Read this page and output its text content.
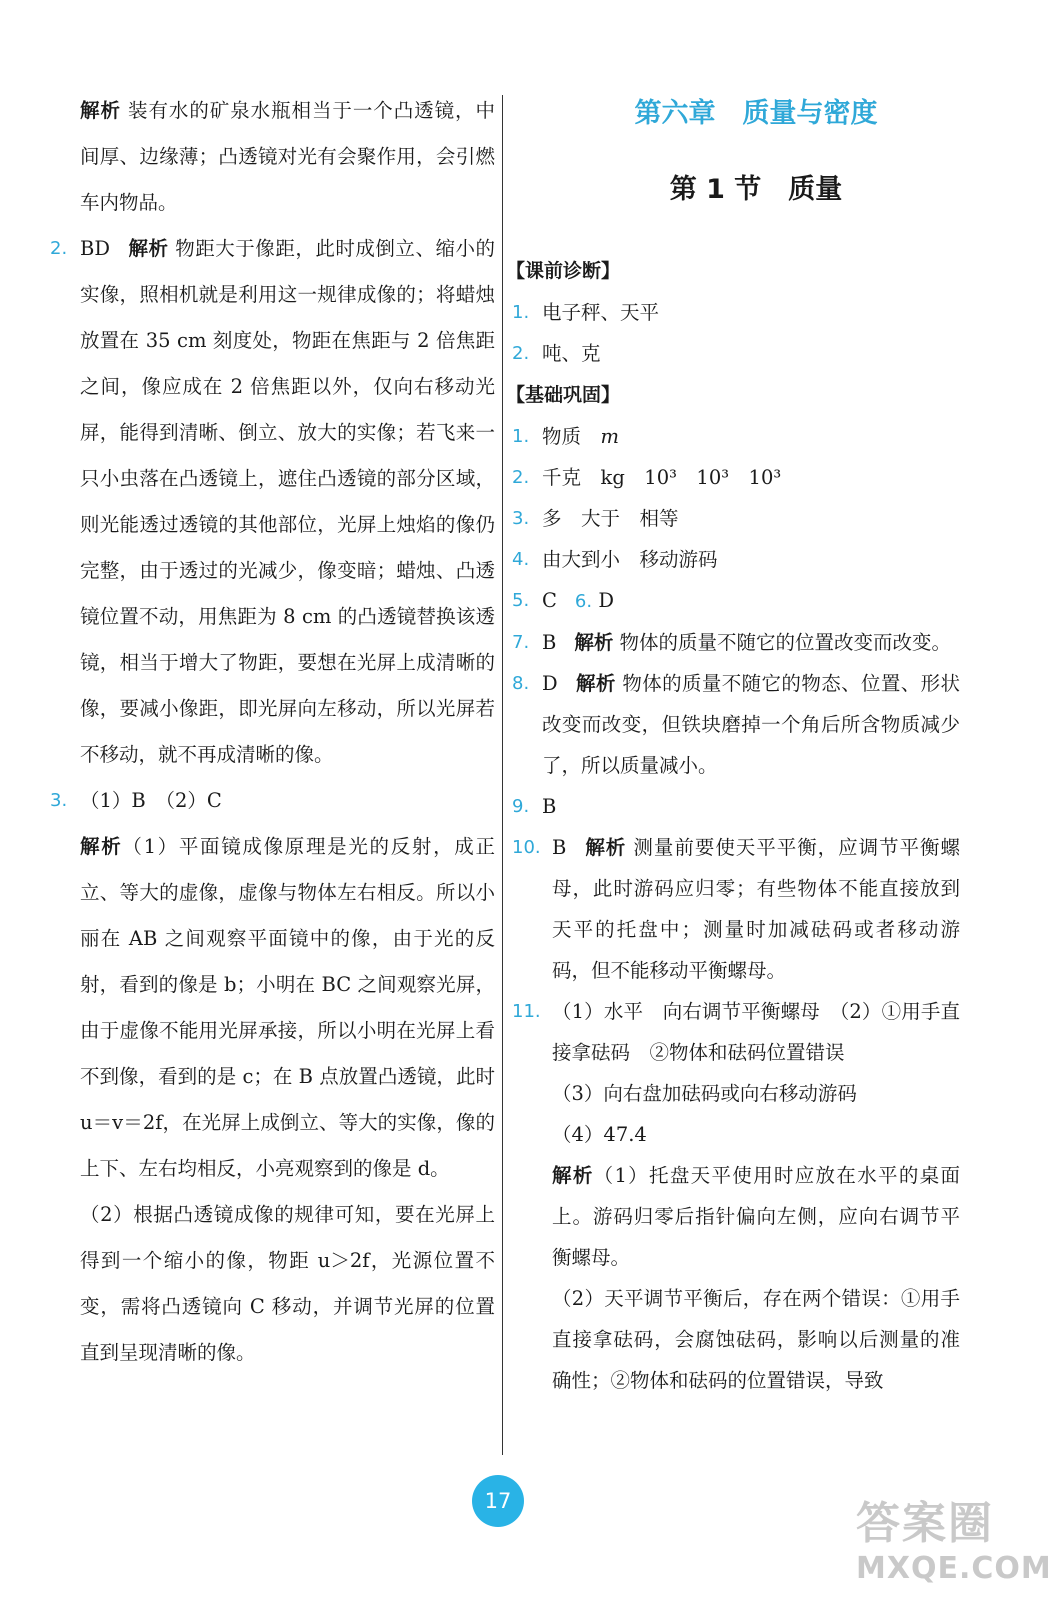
解析 装有水的矿泉水瓶相当于一个凸透镜，中间厚、边缘薄；凸透镜对光有会聚作用，会引燃车内物品。
2. BD 解析 物距大于像距，此时成倒立、缩小的实像，照相机就是利用这一规律成像的；将蜡烛放置在 35 cm 刻度处，物距在焦距与 2 倍焦距之间，像应成在 2 倍焦距以外，仅向右移动光屏，能得到清晰、倒立、放大的实像；若飞来一只小虫落在凸透镜上，遮住凸透镜的部分区域，则光能透过透镜的其他部位，光屏上烛焰的像仍完整，由于透过的光减少，像变暗；蜡烛、凸透镜位置不动，用焦距为 8 cm 的凸透镜替换该透镜，相当于增大了物距，要想在光屏上成清晰的像，要减小像距，即光屏向左移动，所以光屏若不移动，就不再成清晰的像。
3. （1）B　（2）C
解析（1）平面镜成像原理是光的反射，成正立、等大的虚像，虚像与物体左右相反。所以小丽在 AB 之间观察平面镜中的像，由于光的反射，看到的像是 b；小明在 BC 之间观察光屏，由于虚像不能用光屏承接，所以小明在光屏上看不到像，看到的是 c；在 B 点放置凸透镜，此时 u＝v＝2f，在光屏上成倒立、等大的实像，像的上下、左右均相反，小亮观察到的像是 d。
（2）根据凸透镜成像的规律可知，要在光屏上得到一个缩小的像，物距 u＞2f，光源位置不变，需将凸透镜向 C 移动，并调节光屏的位置直到呈现清晰的像。
第六章　质量与密度
第 1 节　质量
【课前诊断】
1. 电子秤、天平
2. 吨、克
【基础巩固】
1. 物质　m
2. 千克　kg　10³　10³　10³
3. 多　大于　相等
4. 由大到小　移动游码
5. C 6. D
7. B 解析 物体的质量不随它的位置改变而改变。
8. D 解析 物体的质量不随它的物态、位置、形状改变而改变，但铁块磨掉一个角后所含物质减少了，所以质量减小。
9. B
10. B 解析 测量前要使天平平衡，应调节平衡螺母，此时游码应归零；有些物体不能直接放到天平的托盘中；测量时加减砝码或者移动游码，但不能移动平衡螺母。
11. （1）水平　向右调节平衡螺母　（2）①用手直接拿砝码　②物体和砝码位置错误
（3）向右盘加砝码或向右移动游码
（4）47.4
解析（1）托盘天平使用时应放在水平的桌面上。游码归零后指针偏向左侧，应向右调节平衡螺母。
（2）天平调节平衡后，存在两个错误：①用手直接拿砝码，会腐蚀砝码，影响以后测量的准确性；②物体和砝码的位置错误，导致
17	答案圈
MXQE.COM
